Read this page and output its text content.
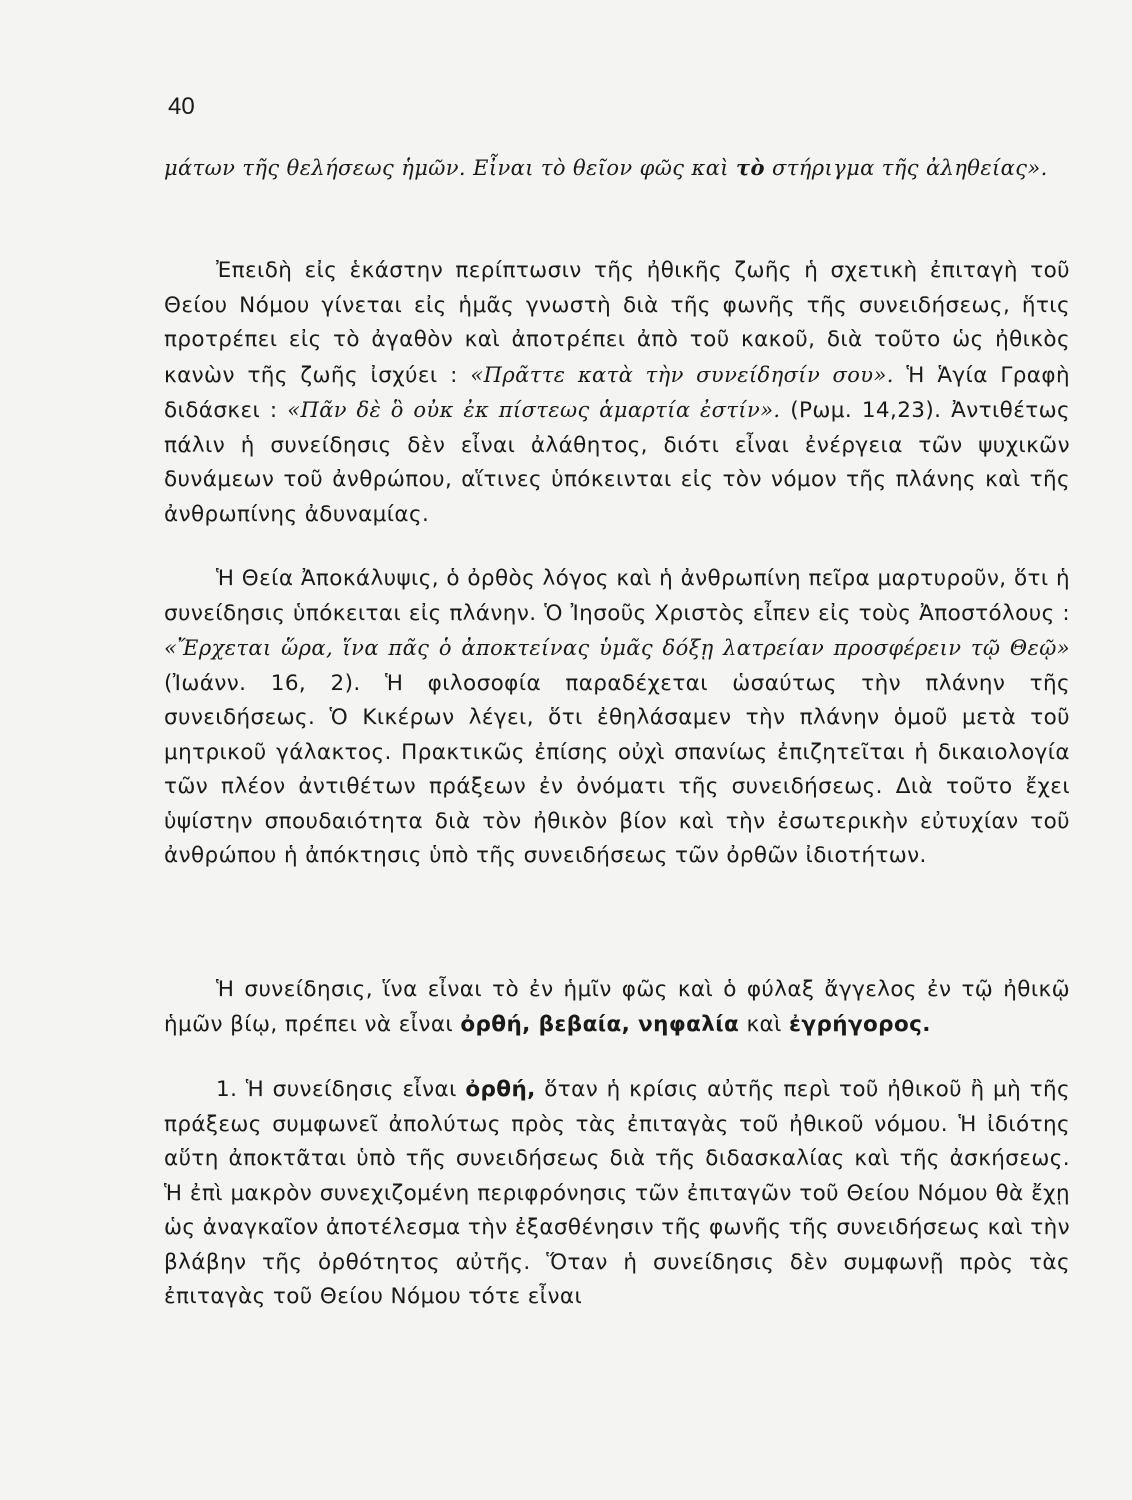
40

μάτων τῆς θελήσεως ἡμῶν. Εἶναι τὸ θεῖον φῶς καὶ τὸ στήριγμα τῆς ἀληθείας».

Ἐπειδὴ εἰς ἑκάστην περίπτωσιν τῆς ἠθικῆς ζωῆς ἡ σχετικὴ ἐπιταγὴ τοῦ Θείου Νόμου γίνεται εἰς ἡμᾶς γνωστὴ διὰ τῆς φωνῆς τῆς συνειδήσεως, ἥτις προτρέπει εἰς τὸ ἀγαθὸν καὶ ἀποτρέπει ἀπὸ τοῦ κακοῦ, διὰ τοῦτο ὡς ἠθικὸς κανὼν τῆς ζωῆς ἰσχύει : «Πρᾶττε κατὰ τὴν συνείδησίν σου». Ἡ Ἁγία Γραφὴ διδάσκει : «Πᾶν δὲ ὃ οὐκ ἐκ πίστεως ἁμαρτία ἐστίν». (Ρωμ. 14,23). Ἀντιθέτως πάλιν ἡ συνείδησις δὲν εἶναι ἀλάθητος, διότι εἶναι ἐνέργεια τῶν ψυχικῶν δυνάμεων τοῦ ἀνθρώπου, αἵτινες ὑπόκεινται εἰς τὸν νόμον τῆς πλάνης καὶ τῆς ἀνθρωπίνης ἀδυναμίας.

Ἡ Θεία Ἀποκάλυψις, ὁ ὀρθὸς λόγος καὶ ἡ ἀνθρωπίνη πεῖρα μαρτυροῦν, ὅτι ἡ συνείδησις ὑπόκειται εἰς πλάνην. Ὁ Ἰησοῦς Χριστὸς εἶπεν εἰς τοὺς Ἀποστόλους : «Ἔρχεται ὥρα, ἵνα πᾶς ὁ ἀποκτείνας ὑμᾶς δόξῃ λατρείαν προσφέρειν τῷ Θεῷ» (Ἰωάνν. 16, 2). Ἡ φιλοσοφία παραδέχεται ὡσαύτως τὴν πλάνην τῆς συνειδήσεως. Ὁ Κικέρων λέγει, ὅτι ἐθηλάσαμεν τὴν πλάνην ὁμοῦ μετὰ τοῦ μητρικοῦ γάλακτος. Πρακτικῶς ἐπίσης οὐχὶ σπανίως ἐπιζητεῖται ἡ δικαιολογία τῶν πλέον ἀντιθέτων πράξεων ἐν ὀνόματι τῆς συνειδήσεως. Διὰ τοῦτο ἔχει ὑψίστην σπουδαιότητα διὰ τὸν ἠθικὸν βίον καὶ τὴν ἐσωτερικὴν εὐτυχίαν τοῦ ἀνθρώπου ἡ ἀπόκτησις ὑπὸ τῆς συνειδήσεως τῶν ὀρθῶν ἰδιοτήτων.

Ἡ συνείδησις, ἵνα εἶναι τὸ ἐν ἡμῖν φῶς καὶ ὁ φύλαξ ἄγγελος ἐν τῷ ἠθικῷ ἡμῶν βίῳ, πρέπει νὰ εἶναι ὀρθή, βεβαία, νηφαλία καὶ ἐγρήγορος.

1. Ἡ συνείδησις εἶναι ὀρθή, ὅταν ἡ κρίσις αὐτῆς περὶ τοῦ ἠθικοῦ ἢ μὴ τῆς πράξεως συμφωνεῖ ἀπολύτως πρὸς τὰς ἐπιταγὰς τοῦ ἠθικοῦ νόμου. Ἡ ἰδιότης αὕτη ἀποκτᾶται ὑπὸ τῆς συνειδήσεως διὰ τῆς διδασκαλίας καὶ τῆς ἀσκήσεως. Ἡ ἐπὶ μακρὸν συνεχιζομένη περιφρόνησις τῶν ἐπιταγῶν τοῦ Θείου Νόμου θὰ ἔχῃ ὡς ἀναγκαῖον ἀποτέλεσμα τὴν ἐξασθένησιν τῆς φωνῆς τῆς συνειδήσεως καὶ τὴν βλάβην τῆς ὀρθότητος αὐτῆς. Ὅταν ἡ συνείδησις δὲν συμφωνῇ πρὸς τὰς ἐπιταγὰς τοῦ Θείου Νόμου τότε εἶναι
